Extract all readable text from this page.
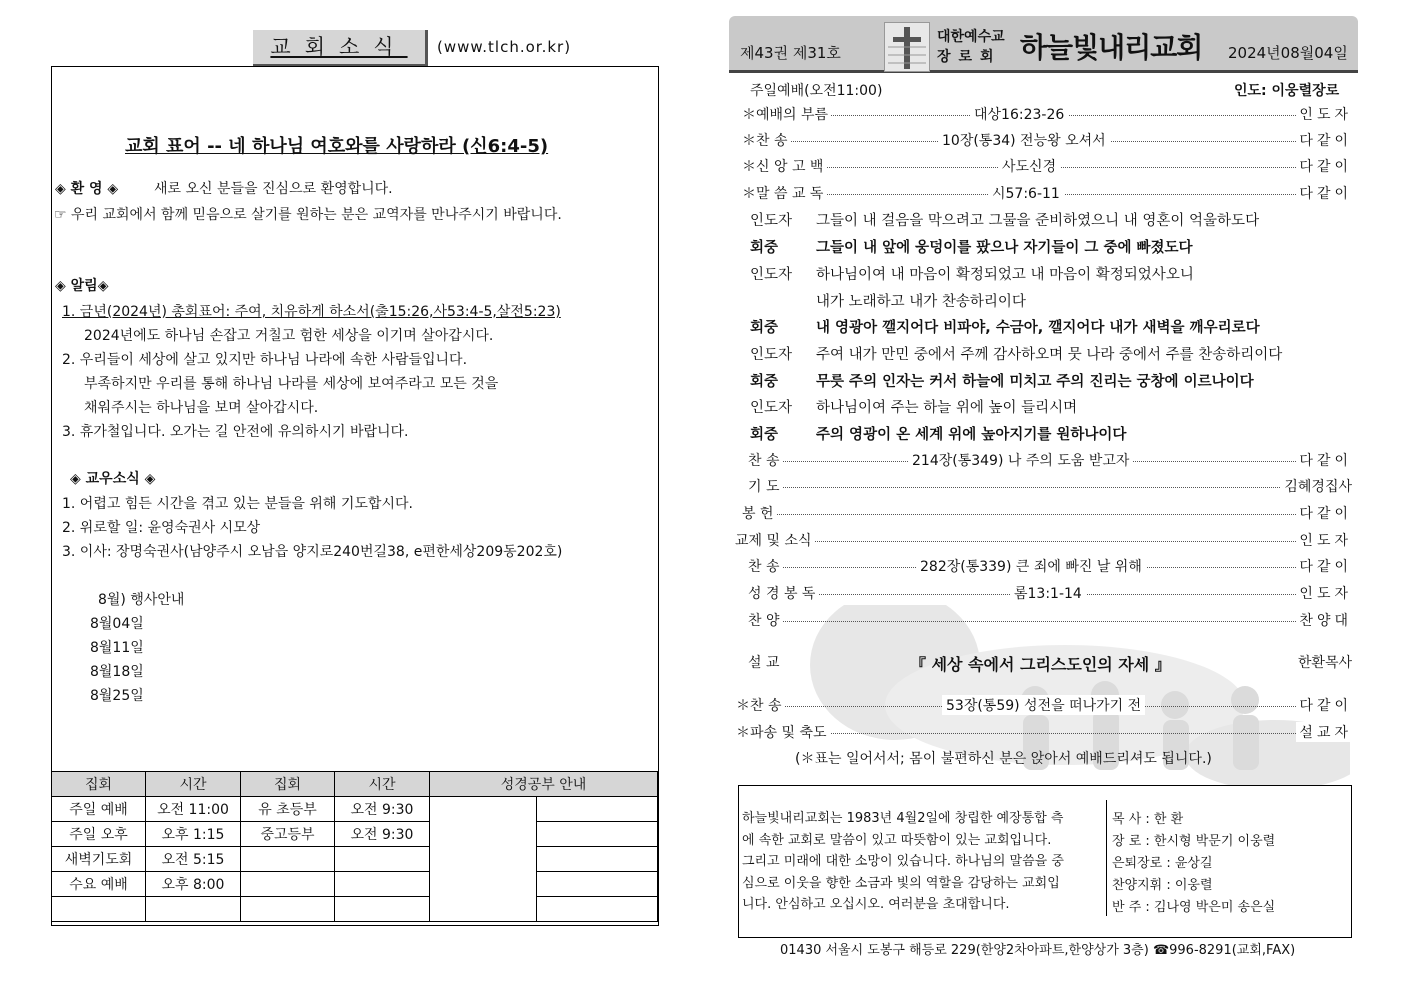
교회소식	(www.tlch.or.kr)
교회 표어 -- 네 하나님 여호와를 사랑하라 (신6:4-5)
◈ 환 영 ◈	새로 오신 분들을 진심으로 환영합니다.
☞ 우리 교회에서 함께 믿음으로 살기를 원하는 분은 교역자를 만나주시기 바랍니다.
◈ 알림◈
1. 금년(2024년) 총회표어: 주여, 치유하게 하소서(출15:26,사53:4-5,살전5:23)
2024년에도 하나님 손잡고 거칠고 험한 세상을 이기며 살아갑시다.
2. 우리들이 세상에 살고 있지만 하나님 나라에 속한 사람들입니다.
부족하지만 우리를 통해 하나님 나라를 세상에 보여주라고 모든 것을
채워주시는 하나님을 보며 살아갑시다.
3. 휴가철입니다. 오가는 길 안전에 유의하시기 바랍니다.
◈ 교우소식 ◈
1. 어렵고 힘든 시간을 겪고 있는 분들을 위해 기도합시다.
2. 위로할 일: 윤영숙권사 시모상
3. 이사: 장명숙권사(남양주시 오남읍 양지로240번길38, e편한세상209동202호)
8월) 행사안내
8월04일
8월11일
8월18일
8월25일
집회	시간	집회	시간	성경공부 안내	
주일 예배	오전 11:00	유 초등부	오전 9:30		
주일 오후	오후 1:15	중고등부	오전 9:30		
새벽기도회	오전 5:15				
수요 예배	오후 8:00				

제43권 제31호
대한예수교
장로회 하늘빛내리교회 2024년08월04일
주일예배(오전11:00)	인도: 이웅렬장로
＊예배의 부름	대상16:23-26	인도자
＊찬 송	10장(통34) 전능왕 오셔서	다같이
＊신 앙 고 백	사도신경	다같이
＊말 씀 교 독	시57:6-11	다같이
인도자 그들이 내 걸음을 막으려고 그물을 준비하였으니 내 영혼이 억울하도다
회중	그들이 내 앞에 웅덩이를 팠으나 자기들이 그 중에 빠졌도다
인도자 하나님이여 내 마음이 확정되었고 내 마음이 확정되었사오니
내가 노래하고 내가 찬송하리이다
회중	내 영광아 깰지어다 비파야, 수금아, 깰지어다 내가 새벽을 깨우리로다
인도자 주여 내가 만민 중에서 주께 감사하오며 뭇 나라 중에서 주를 찬송하리이다
회중	무릇 주의 인자는 커서 하늘에 미치고 주의 진리는 궁창에 이르나이다
인도자 하나님이여 주는 하늘 위에 높이 들리시며
회중	주의 영광이 온 세계 위에 높아지기를 원하나이다
찬 송	214장(통349) 나 주의 도움 받고자	다같이
기 도	김혜경집사
봉 헌	다같이
교제 및 소식	인도자
찬 송	282장(통339) 큰 죄에 빠진 날 위해	다같이
성 경 봉 독	롬13:1-14	인도자
찬 양	찬양대
설 교	『 세상 속에서 그리스도인의 자세 』	한환목사
＊찬 송	53장(통59) 성전을 떠나가기 전	다같이
＊파송 및 축도	설교자
(＊표는 일어서서; 몸이 불편하신 분은 앉아서 예배드리셔도 됩니다.)
하늘빛내리교회는 1983년 4월2일에 창립한 예장통합 측
에 속한 교회로 말씀이 있고 따뜻함이 있는 교회입니다.
그리고 미래에 대한 소망이 있습니다. 하나님의 말씀을 중
심으로 이웃을 향한 소금과 빛의 역할을 감당하는 교회입
니다. 안심하고 오십시오. 여러분을 초대합니다.
목 사 : 한 환
장 로 : 한시형 박문기 이웅렬
은퇴장로 : 윤상길
찬양지휘 : 이웅렬
반 주 : 김나영 박은미 송은실
01430 서울시 도봉구 해등로 229(한양2차아파트,한양상가 3층) ☎996-8291(교회,FAX)
